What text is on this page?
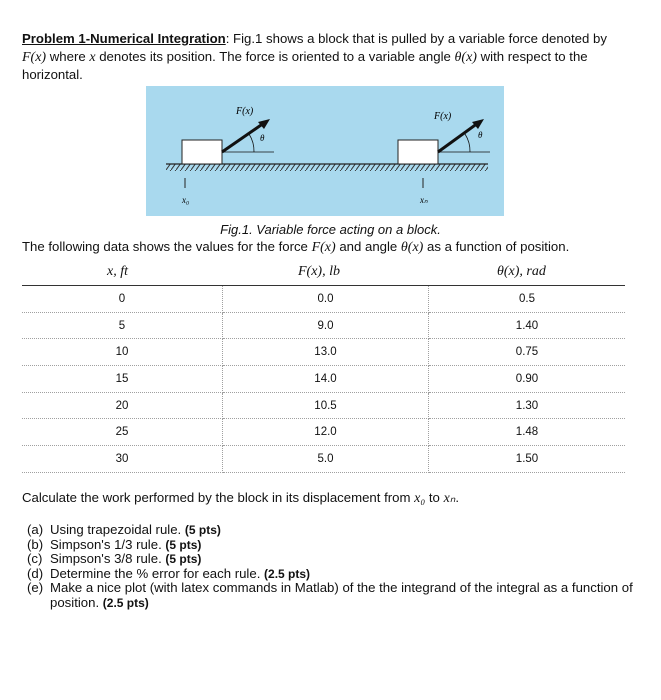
Problem 1-Numerical Integration: Fig.1 shows a block that is pulled by a variable force denoted by F(x) where x denotes its position. The force is oriented to a variable angle θ(x) with respect to the horizontal.
F(x)
θ
F(x)
θ
x₀	xₙ
Fig.1. Variable force acting on a block.
The following data shows the values for the force F(x) and angle θ(x) as a function of position.
x, ft	F(x), lb	θ(x), rad
0	0.0	0.5
5	9.0	1.40
10	13.0	0.75
15	14.0	0.90
20	10.5	1.30
25	12.0	1.48
30	5.0	1.50
Calculate the work performed by the block in its displacement from x₀ to xₙ.
(a) Using trapezoidal rule. (5 pts)
(b) Simpson's 1/3 rule. (5 pts)
(c) Simpson's 3/8 rule. (5 pts)
(d) Determine the % error for each rule. (2.5 pts)
(e) Make a nice plot (with latex commands in Matlab) of the the integrand of the integral as a function of position. (2.5 pts)
